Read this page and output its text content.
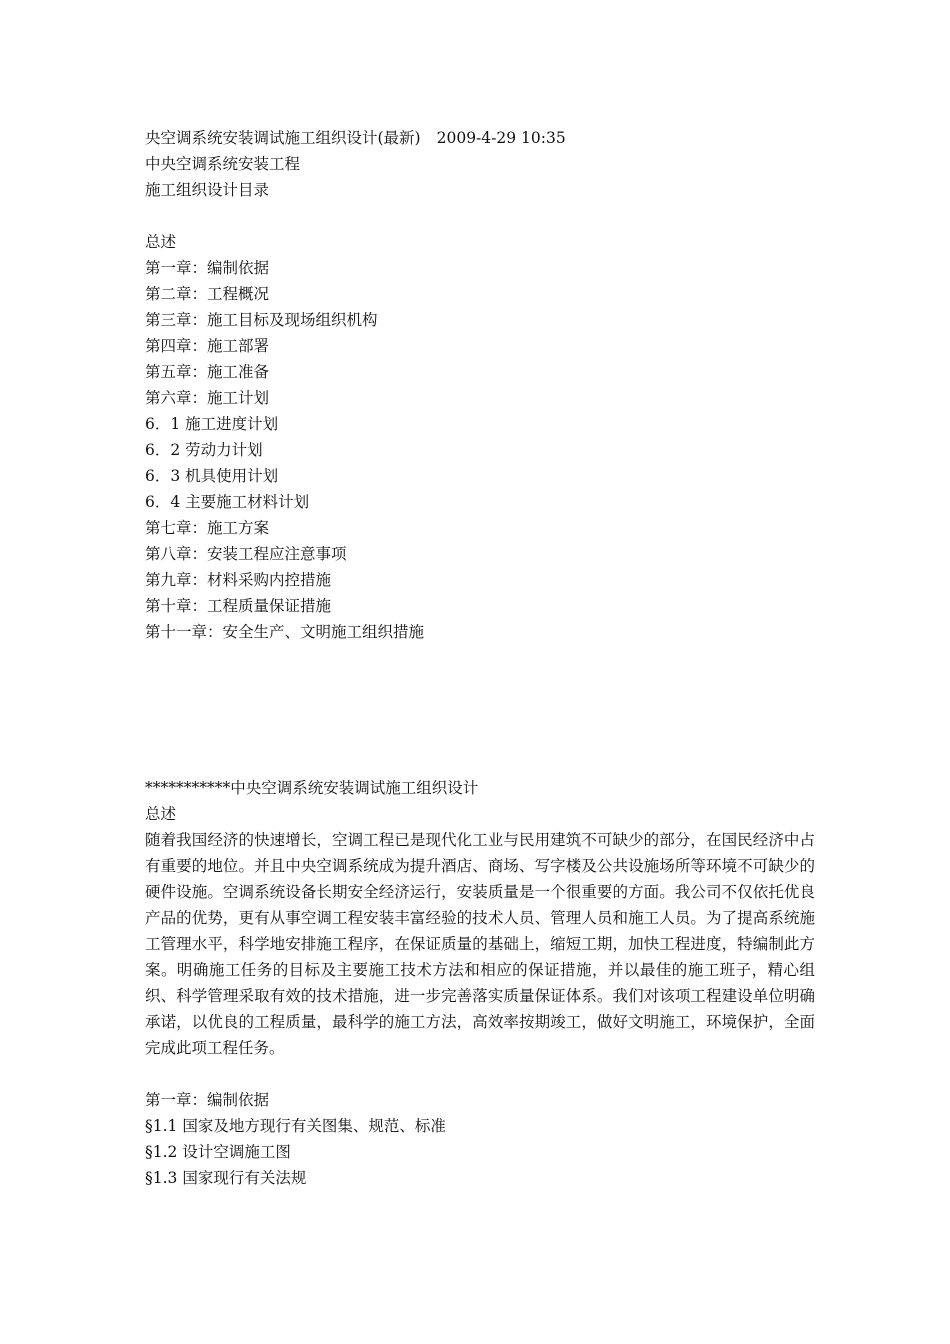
央空调系统安装调试施工组织设计(最新) 2009-4-29 10:35
中央空调系统安装工程
施工组织设计目录
总述
第一章：编制依据
第二章：工程概况
第三章：施工目标及现场组织机构
第四章：施工部署
第五章：施工准备
第六章：施工计划
6．1 施工进度计划
6．2 劳动力计划
6．3 机具使用计划
6．4 主要施工材料计划
第七章：施工方案
第八章：安装工程应注意事项
第九章：材料采购内控措施
第十章：工程质量保证措施
第十一章：安全生产、文明施工组织措施
***********中央空调系统安装调试施工组织设计
总述
随着我国经济的快速增长，空调工程已是现代化工业与民用建筑不可缺少的部分，在国民经济中占有重要的地位。并且中央空调系统成为提升酒店、商场、写字楼及公共设施场所等环境不可缺少的硬件设施。空调系统设备长期安全经济运行，安装质量是一个很重要的方面。我公司不仅依托优良产品的优势，更有从事空调工程安装丰富经验的技术人员、管理人员和施工人员。为了提高系统施工管理水平，科学地安排施工程序，在保证质量的基础上，缩短工期，加快工程进度，特编制此方案。明确施工任务的目标及主要施工技术方法和相应的保证措施，并以最佳的施工班子，精心组织、科学管理采取有效的技术措施，进一步完善落实质量保证体系。我们对该项工程建设单位明确承诺，以优良的工程质量，最科学的施工方法，高效率按期竣工，做好文明施工，环境保护，全面完成此项工程任务。
第一章：编制依据
§1.1 国家及地方现行有关图集、规范、标准
§1.2 设计空调施工图
§1.3 国家现行有关法规
